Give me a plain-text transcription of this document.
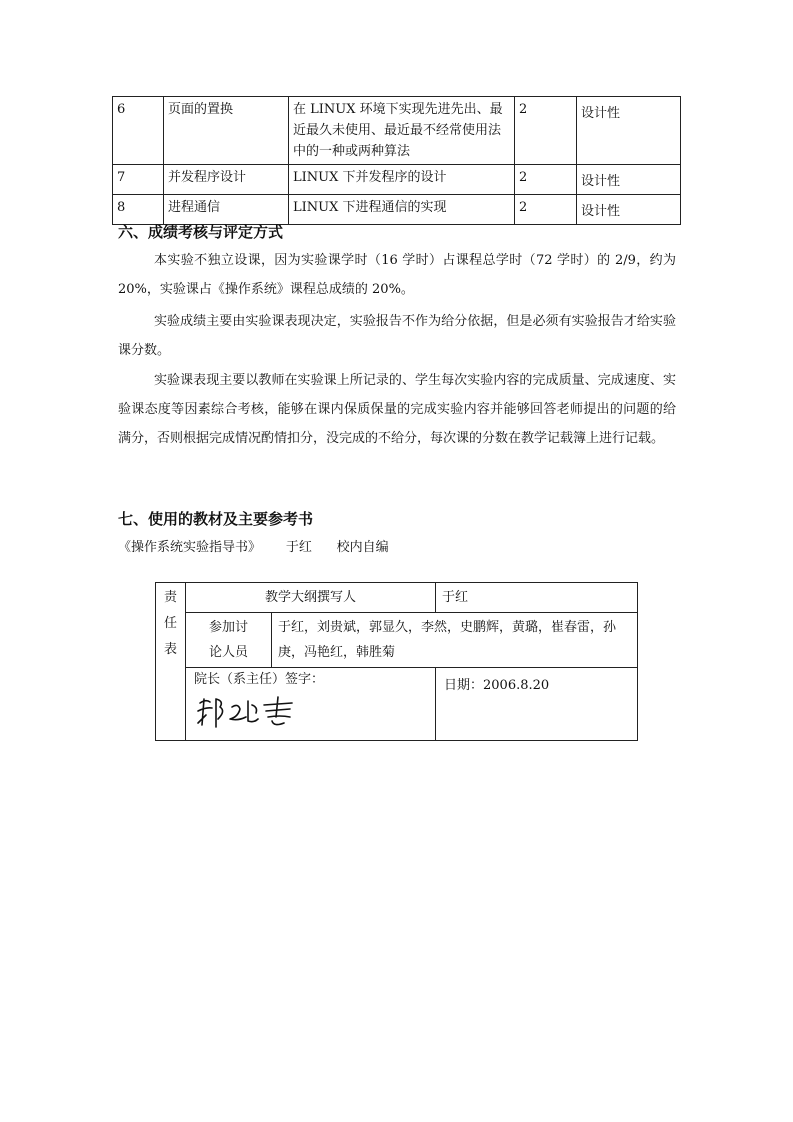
6	页面的置换	在 LINUX 环境下实现先进先出、最近最久未使用、最近最不经常使用法中的一种或两种算法	2	设计性
7	并发程序设计	LINUX 下并发程序的设计	2	设计性
8	进程通信	LINUX 下进程通信的实现	2	设计性
六、成绩考核与评定方式

本实验不独立设课，因为实验课学时（16 学时）占课程总学时（72 学时）的 2/9，约为 20%，实验课占《操作系统》课程总成绩的 20%。

实验成绩主要由实验课表现决定，实验报告不作为给分依据，但是必须有实验报告才给实验课分数。

实验课表现主要以教师在实验课上所记录的、学生每次实验内容的完成质量、完成速度、实验课态度等因素综合考核，能够在课内保质保量的完成实验内容并能够回答老师提出的问题的给满分，否则根据完成情况酌情扣分，没完成的不给分，每次课的分数在教学记载簿上进行记载。

七、使用的教材及主要参考书
《操作系统实验指导书》 于红 校内自编
责
任
表	教学大纲撰写人		于红
	参加讨论人员	于红，刘贵斌，郭显久，李然，史鹏辉，黄璐，崔春雷，孙庚，冯艳红，韩胜菊	

	院长（系主任）签字：		日期：2006.8.20
